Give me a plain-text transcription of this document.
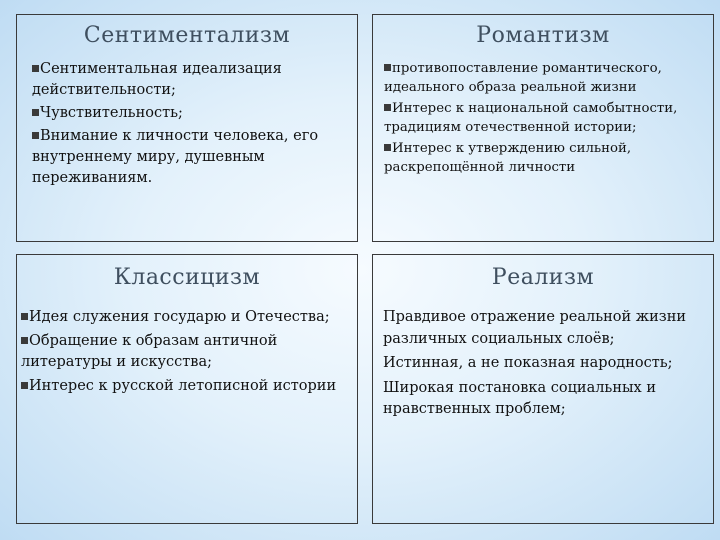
Сентиментализм
Сентиментальная идеализация действительности;
Чувствительность;
Внимание к личности человека, его внутреннему миру, душевным переживаниям.
Романтизм
противопоставление романтического, идеального образа реальной жизни
Интерес к национальной самобытности, традициям отечественной истории;
Интерес к утверждению сильной, раскрепощённой личности
Классицизм
Идея служения государю и Отечества;
Обращение к образам античной литературы и искусства;
Интерес к русской летописной истории
Реализм
Правдивое отражение реальной жизни различных социальных слоёв;
Истинная, а не показная народность;
Широкая постановка социальных и нравственных проблем;
